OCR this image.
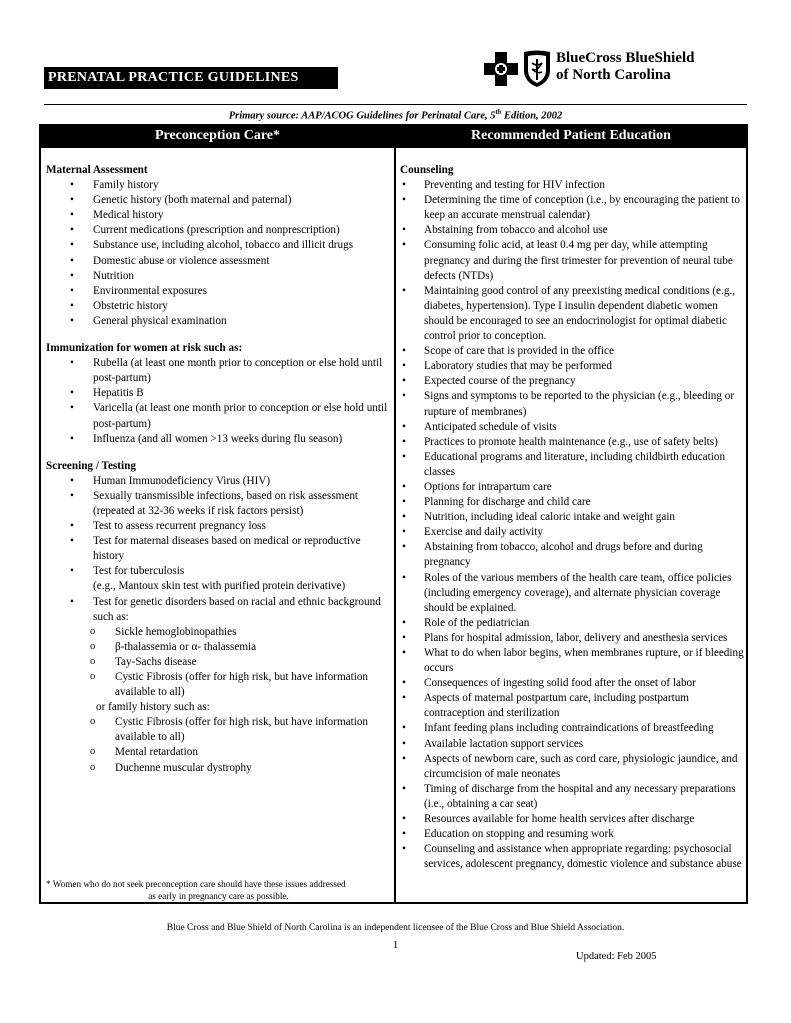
PRENATAL PRACTICE GUIDELINES
BlueCross BlueShield
of North Carolina
Primary source: AAP/ACOG Guidelines for Perinatal Care, 5th Edition, 2002
Preconception Care*	Recommended Patient Education
Maternal Assessment
• Family history
• Genetic history (both maternal and paternal)
• Medical history
• Current medications (prescription and nonprescription)
• Substance use, including alcohol, tobacco and illicit drugs
• Domestic abuse or violence assessment
• Nutrition
• Environmental exposures
• Obstetric history
• General physical examination
Immunization for women at risk such as:
• Rubella (at least one month prior to conception or else hold until post-partum)
• Hepatitis B
• Varicella (at least one month prior to conception or else hold until post-partum)
• Influenza (and all women >13 weeks during flu season)
Screening / Testing
• Human Immunodeficiency Virus (HIV)
• Sexually transmissible infections, based on risk assessment (repeated at 32-36 weeks if risk factors persist)
• Test to assess recurrent pregnancy loss
• Test for maternal diseases based on medical or reproductive history
• Test for tuberculosis
(e.g., Mantoux skin test with purified protein derivative)
• Test for genetic disorders based on racial and ethnic background such as:
o Sickle hemoglobinopathies
o β-thalassemia or α- thalassemia
o Tay-Sachs disease
o Cystic Fibrosis (offer for high risk, but have information available to all)
or family history such as:
o Cystic Fibrosis (offer for high risk, but have information available to all)
o Mental retardation
o Duchenne muscular dystrophy
* Women who do not seek preconception care should have these issues addressed
as early in pregnancy care as possible.
Counseling
• Preventing and testing for HIV infection
• Determining the time of conception (i.e., by encouraging the patient to keep an accurate menstrual calendar)
• Abstaining from tobacco and alcohol use
• Consuming folic acid, at least 0.4 mg per day, while attempting pregnancy and during the first trimester for prevention of neural tube defects (NTDs)
• Maintaining good control of any preexisting medical conditions (e.g., diabetes, hypertension). Type I insulin dependent diabetic women should be encouraged to see an endocrinologist for optimal diabetic control prior to conception.
• Scope of care that is provided in the office
• Laboratory studies that may be performed
• Expected course of the pregnancy
• Signs and symptoms to be reported to the physician (e.g., bleeding or rupture of membranes)
• Anticipated schedule of visits
• Practices to promote health maintenance (e.g., use of safety belts)
• Educational programs and literature, including childbirth education classes
• Options for intrapartum care
• Planning for discharge and child care
• Nutrition, including ideal caloric intake and weight gain
• Exercise and daily activity
• Abstaining from tobacco, alcohol and drugs before and during pregnancy
• Roles of the various members of the health care team, office policies (including emergency coverage), and alternate physician coverage should be explained.
• Role of the pediatrician
• Plans for hospital admission, labor, delivery and anesthesia services
• What to do when labor begins, when membranes rupture, or if bleeding occurs
• Consequences of ingesting solid food after the onset of labor
• Aspects of maternal postpartum care, including postpartum contraception and sterilization
• Infant feeding plans including contraindications of breastfeeding
• Available lactation support services
• Aspects of newborn care, such as cord care, physiologic jaundice, and circumcision of male neonates
• Timing of discharge from the hospital and any necessary preparations (i.e., obtaining a car seat)
• Resources available for home health services after discharge
• Education on stopping and resuming work
• Counseling and assistance when appropriate regarding: psychosocial services, adolescent pregnancy, domestic violence and substance abuse
Blue Cross and Blue Shield of North Carolina is an independent licensee of the Blue Cross and Blue Shield Association.
1
Updated: Feb 2005
